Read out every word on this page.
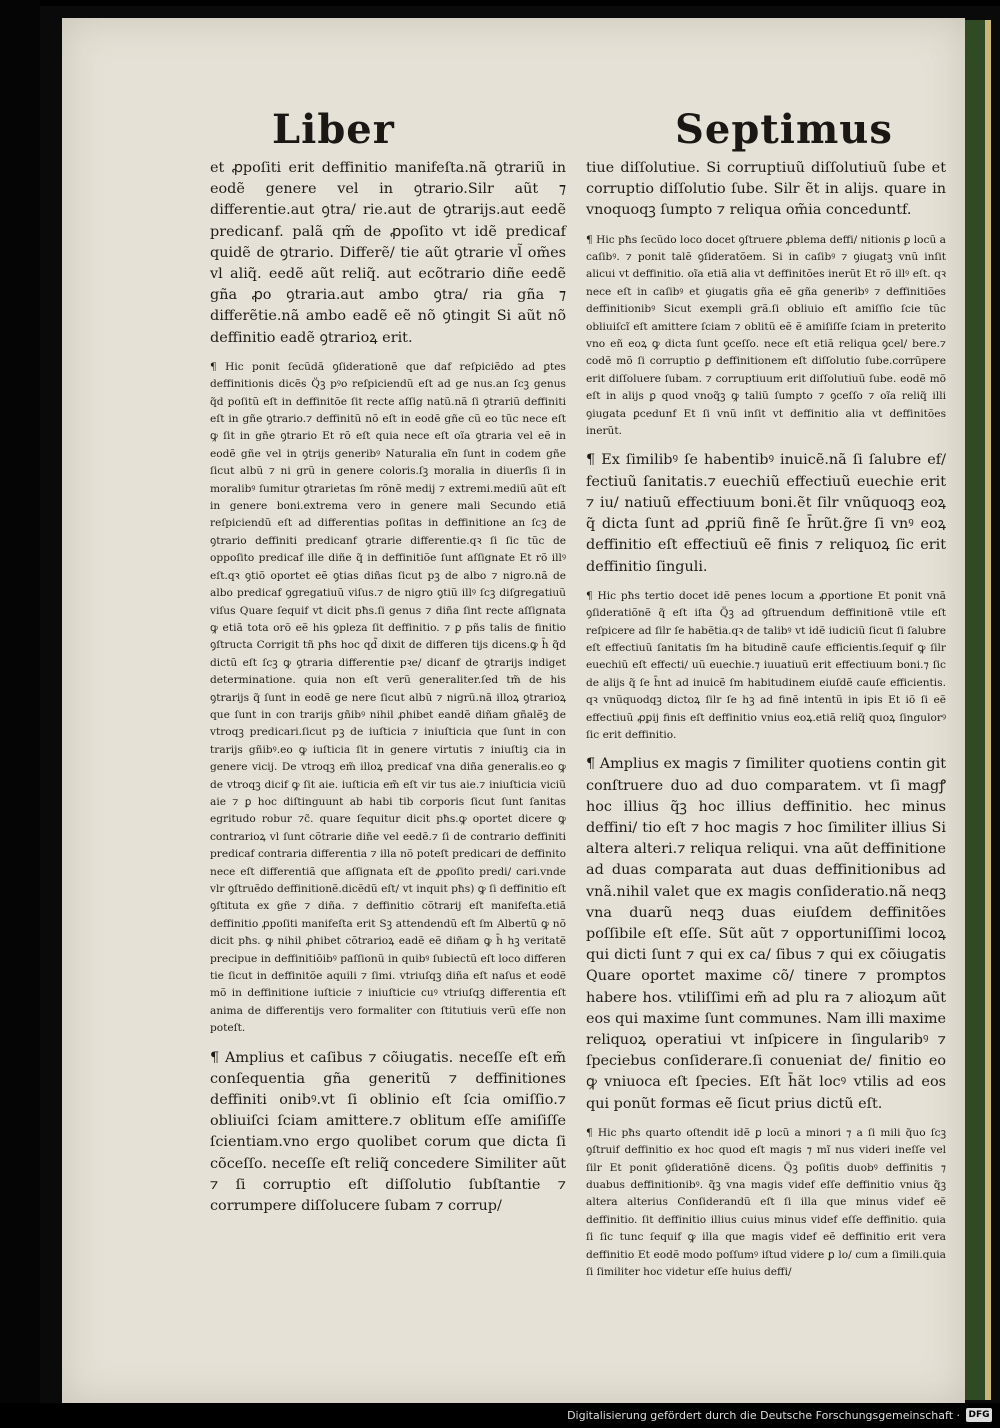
Liber	Septimus

et ꝓpoſiti erit deffinitio manifeſta.nã ꝯtrariũ in eodẽ genere vel in ꝯtrario.Silr aũt ⁊ differentie.aut ꝯtra/ rie.aut de ꝯtrarijs.aut eedẽ predicanf. palã qm̃ de ꝓpoſito vt idẽ predicaf quidẽ de ꝯtrario. Differẽ/ tie aũt ꝯtrarie vl̃ om̃es vl aliq̃. eedẽ aũt reliq̃. aut ecõtrario diñe eedẽ gña ꝓo ꝯtraria.aut ambo ꝯtra/ ria gña ⁊ differẽtie.nã ambo eadẽ eẽ nõ ꝯtingit Si aũt nõ deffinitio eadẽ ꝯtrarioꝝ erit.

¶ Hic ponit ſecũdã ꝯſiderationẽ que daf reſpiciẽdo ad ꝑtes deffinitionis dicẽs Q̈ꝫ pꝰo reſpiciendũ eſt ad ge nus.an ſcꝫ genus q̃d poſitũ eſt in deffinitõe ſit recte aſſig natũ.nã ſi ꝯtrariũ deffiniti eſt in gñe ꝯtrario.⁊ deffinitũ nõ eſt in eodẽ gñe cũ eo tũc nece eſt ꝙ ſit in gñe ꝯtrario Et rõ eſt quia nece eſt oĩa ꝯtraria vel eẽ in eodẽ gñe vel in ꝯtrijs generibꝰ Naturalia eĩn ſunt in codem gñe ſicut albũ ⁊ ni grũ in genere coloris.ſꝫ moralia in diuerſis ſi in moralibꝰ ſumitur ꝯtrarietas ſm rõnẽ medij ⁊ extremi.mediũ aũt eſt in genere boni.extrema vero in genere mali Secundo etiã reſpiciendũ eſt ad differentias poſitas in deffinitione an ſcꝫ de ꝯtrario deffiniti predicanf ꝯtrarie differentie.qꝛ ſi ſic tũc de oppoſito predicaf ille diñe q̃ in deffinitiõe ſunt aſſignate Et rõ illꝰ eſt.qꝛ ꝯtiõ oportet eẽ ꝯtias diñas ſicut pꝫ de albo ⁊ nigro.nã de albo predicaf ꝯgregatiuũ viſus.⁊ de nigro ꝯtiũ illꝰ ſcꝫ diſgregatiuũ viſus Quare ſequif vt dicit pħs.ſi genus ⁊ diña ſint recte aſſignata ꝙ etiã tota orõ eẽ his ꝯpleza ſit deffinitio. ⁊ ꝑ pñs talis de finitio ꝯſtructa Corrigit tñ pħs hoc qd̃ dixit de differen tijs dicens.ꝙ h̄ q̃d dictũ eſt ſcꝫ ꝙ ꝯtraria differentie pꝛe/ dicanf de ꝯtrarijs indiget determinatione. quia non eſt verũ generaliter.ſed tm̃ de his ꝯtrarijs q̃ ſunt in eodẽ ge nere ſicut albũ ⁊ nigrũ.nã illoꝝ ꝯtrarioꝝ que ſunt in con trarijs gñibꝰ nihil ꝓhibet eandẽ diñam gñalẽꝫ de vtroqꝫ predicari.ſicut pꝫ de iuſticia ⁊ iniuſticia que ſunt in con trarijs gñibꝰ.eo ꝙ iuſticia ſit in genere virtutis ⁊ iniuſtiꝫ cia in genere vicij. De vtroqꝫ em̃ illoꝝ predicaf vna diña generalis.eo ꝙ de vtroqꝫ dicif ꝙ ſit aie. iuſticia em̃ eſt vir tus aie.⁊ iniuſticia viciũ aie ⁊ ꝑ hoc diſtinguunt ab habi tib corporis ſicut ſunt ſanitas egritudo robur ⁊c̃. quare ſequitur dicit pħs.ꝙ oportet dicere ꝙ contrarioꝝ vl ſunt cõtrarie diñe vel eedẽ.⁊ ſi de contrario deffiniti predicaf contraria differentia ⁊ illa nõ poteſt predicari de deffinito nece eſt differentiã que aſſignata eſt de ꝓpoſito predi/ cari.vnde vlr ꝯſtruẽdo deffinitionẽ.dicẽdũ eſt/ vt inquit pħs) ꝙ ſi deffinitio eſt ꝯſtituta ex gñe ⁊ diña. ⁊ deffinitio cõtrarij eſt manifeſta.etiã deffinitio ꝓpoſiti manifeſta erit Sꝫ attendendũ eſt ſm Albertũ ꝙ nõ dicit pħs. ꝙ nihil ꝓhibet cõtrarioꝝ eadẽ eẽ diñam ꝙ h̄ hꝫ veritatẽ precipue in deffinitiõibꝰ paſſionũ in quibꝰ ſubiectũ eſt loco differen tie ſicut in deffinitõe aquili ⁊ ſimi. vtriuſqꝫ diña eſt naſus et eodẽ mõ in deffinitione iuſticie ⁊ iniuſticie cuꝰ vtriuſqꝫ differentia eſt anima de differentijs vero formaliter con ſtitutiuis verũ eſſe non poteſt.

¶ Amplius et caſibus ⁊ cõiugatis. neceſſe eſt em̃ conſequentia gña generitũ ⁊ deffinitiones deffiniti onibꝰ.vt ſi oblinio eſt ſcia omiſſio.⁊ obliuiſci ſciam amittere.⁊ oblitum eſſe amiſiſſe ſcientiam.vno ergo quolibet corum que dicta ſi cõceſſo. neceſſe eſt reliq̃ concedere Similiter aũt ⁊ ſi corruptio eſt diſſolutio ſubſtantie ⁊ corrumpere diſſolucere ſubam ⁊ corrup/

tiue diſſolutiue. Si corruptiuũ diſſolutiuũ ſube et corruptio diſſolutio ſube. Silr ẽt in alijs. quare in vnoquoqꝫ ſumpto ⁊ reliqua om̃ia conceduntf.

¶ Hic pħs ſecũdo loco docet ꝯſtruere ꝓblema deffi/ nitionis ꝑ locũ a caſibꝰ. ⁊ ponit talẽ ꝯſideratõem. Si in caſibꝰ ⁊ ꝯiugatꝫ vnũ inſit alicui vt deffinitio. oĩa etiã alia vt deffinitões inerũt Et rõ illꝰ eſt. qꝛ nece eſt in caſibꝰ et ꝯiugatis gña eẽ gña generibꝰ ⁊ deffinitiões deffinitionibꝰ Sicut exempli grã.ſi obliuio eſt amiſſio ſcie tũc obliuiſcĩ eſt amittere ſciam ⁊ oblitũ eẽ ẽ amiſiſſe ſciam in preterito vno eñ eoꝝ ꝙ dicta ſunt ꝯceſſo. nece eſt etiã reliqua ꝯcel/ bere.⁊ codẽ mõ ſi corruptio ꝑ deffinitionem eſt diſſolutio ſube.corrũpere erit diſſoluere ſubam. ⁊ corruptiuum erit diſſolutiuũ ſube. eodẽ mõ eſt in alijs ꝑ quod vnoq̃ꝫ ꝙ taliũ ſumpto ⁊ ꝯceſſo ⁊ oĩa reliq̃ illi ꝯiugata ꝑcedunf Et ſi vnũ inſit vt deffinitio alia vt deffinitões inerũt.

¶ Ex ſimilibꝰ ſe habentibꝰ inuicẽ.nã ſi ſalubre ef/ fectiuũ ſanitatis.⁊ euechiũ effectiuũ euechie erit ⁊ iu/ natiuũ effectiuum boni.ẽt ſilr vnũquoqꝫ eoꝝ q̃ dicta ſunt ad ꝓpriũ finẽ ſe h̄rũt.g̃re ſi vnꝰ eoꝝ deffinitio eſt effectiuũ eẽ finis ⁊ reliquoꝝ ſic erit deffinitio ſinguli.

¶ Hic pħs tertio docet idẽ penes locum a ꝓportione Et ponit vnã ꝯſideratiõnẽ q̃ eſt iſta Q̈ꝫ ad ꝯſtruendum deffinitionẽ vtile eſt reſpicere ad ſilr ſe habẽtia.qꝛ de talibꝰ vt idẽ iudiciũ ſicut ſi ſalubre eſt effectiuũ ſanitatis ſm ha bitudinẽ cauſe efficientis.ſequif ꝙ ſilr euechiũ eſt effecti/ uũ euechie.⁊ iuuatiuũ erit effectiuum boni.⁊ ſic de alijs q̃ ſe h̄nt ad inuicẽ ſm habitudinem eiuſdẽ cauſe efficientis. qꝛ vnũquodqꝫ dictoꝝ ſilr ſe hꝫ ad finẽ intentũ in ipis Et iõ ſi eẽ effectiuũ ꝓꝑij finis eſt deffinitio vnius eoꝝ.etiã reliq̃ quoꝝ ſingulorꝰ ſic erit deffinitio.

¶ Amplius ex magis ⁊ ſimiliter quotiens contin git conſtruere duo ad duo comparatem. vt ſi magꝭ hoc illius q̃ꝫ hoc illius deffinitio. hec minus deffini/ tio eſt ⁊ hoc magis ⁊ hoc ſimiliter illius Si altera alteri.⁊ reliqua reliqui. vna aũt deffinitione ad duas comparata aut duas deffinitionibus ad vnã.nihil valet que ex magis conſideratio.nã neqꝫ vna duarũ neqꝫ duas eiuſdem deffinitões poſſibile eſt eſſe. Sũt aũt ⁊ opportuniſſimi locoꝝ qui dicti ſunt ⁊ qui ex ca/ ſibus ⁊ qui ex cõiugatis Quare oportet maxime cõ/ tinere ⁊ promptos habere hos. vtiliſſimi em̃ ad plu ra ⁊ alioꝝum aũt eos qui maxime ſunt communes. Nam illi maxime reliquoꝝ operatiui vt inſpicere in ſingularibꝰ ⁊ ſpeciebus conſiderare.ſi conueniat de/ finitio eo ꝙ vniuoca eſt ſpecies. Eſt h̄ãt locꝰ vtilis ad eos qui ponũt formas eẽ ſicut prius dictũ eſt.

¶ Hic pħs quarto oſtendit idẽ ꝑ locũ a minori ⁊ a ſi mili q̃uo ſcꝫ ꝯſtruif deffinitio ex hoc quod eſt magis ⁊ mĩ nus videri ineſſe vel ſilr Et ponit ꝯſideratiõnẽ dicens. Q̈ꝫ poſitis duobꝰ deffinitis ⁊ duabus deffinitionibꝰ. q̃ꝫ vna magis videf eſſe deffinitio vnius q̃ꝫ altera alterius Conſiderandũ eſt ſi illa que minus videf eẽ deffinitio. ſit deffinitio illius cuius minus videf eſſe deffinitio. quia ſi ſic tunc ſequif ꝙ illa que magis videf eẽ deffinitio erit vera deffinitio Et eodẽ modo poſſumꝰ iſtud videre ꝑ lo/ cum a ſimili.quia ſi ſimiliter hoc videtur eſſe huius deffi/

Digitalisierung gefördert durch die Deutsche Forschungsgemeinschaft · DFG
